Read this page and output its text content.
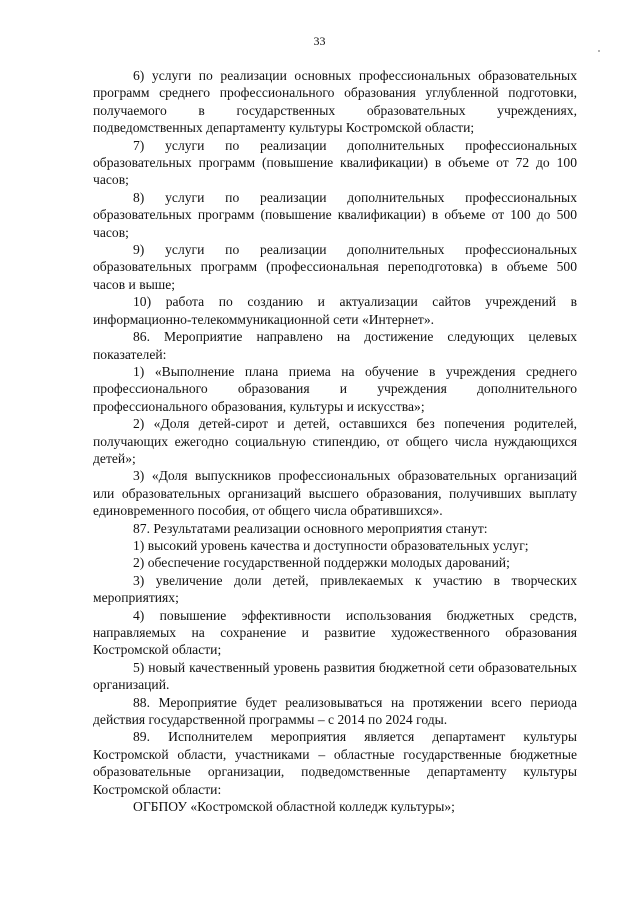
33

6) услуги по реализации основных профессиональных образовательных программ среднего профессионального образования углубленной подготовки, получаемого в государственных образовательных учреждениях, подведомственных департаменту культуры Костромской области;

7) услуги по реализации дополнительных профессиональных образовательных программ (повышение квалификации) в объеме от 72 до 100 часов;

8) услуги по реализации дополнительных профессиональных образовательных программ (повышение квалификации) в объеме от 100 до 500 часов;

9) услуги по реализации дополнительных профессиональных образовательных программ (профессиональная переподготовка) в объеме 500 часов и выше;

10) работа по созданию и актуализации сайтов учреждений в информационно-телекоммуникационной сети «Интернет».

86. Мероприятие направлено на достижение следующих целевых показателей:

1) «Выполнение плана приема на обучение в учреждения среднего профессионального образования и учреждения дополнительного профессионального образования, культуры и искусства»;

2) «Доля детей-сирот и детей, оставшихся без попечения родителей, получающих ежегодно социальную стипендию, от общего числа нуждающихся детей»;

3) «Доля выпускников профессиональных образовательных организаций или образовательных организаций высшего образования, получивших выплату единовременного пособия, от общего числа обратившихся».

87. Результатами реализации основного мероприятия станут:

1) высокий уровень качества и доступности образовательных услуг;

2) обеспечение государственной поддержки молодых дарований;

3) увеличение доли детей, привлекаемых к участию в творческих мероприятиях;

4) повышение эффективности использования бюджетных средств, направляемых на сохранение и развитие художественного образования Костромской области;

5) новый качественный уровень развития бюджетной сети образовательных организаций.

88. Мероприятие будет реализовываться на протяжении всего периода действия государственной программы – с 2014 по 2024 годы.

89. Исполнителем мероприятия является департамент культуры Костромской области, участниками – областные государственные бюджетные образовательные организации, подведомственные департаменту культуры Костромской области:

ОГБПОУ «Костромской областной колледж культуры»;
